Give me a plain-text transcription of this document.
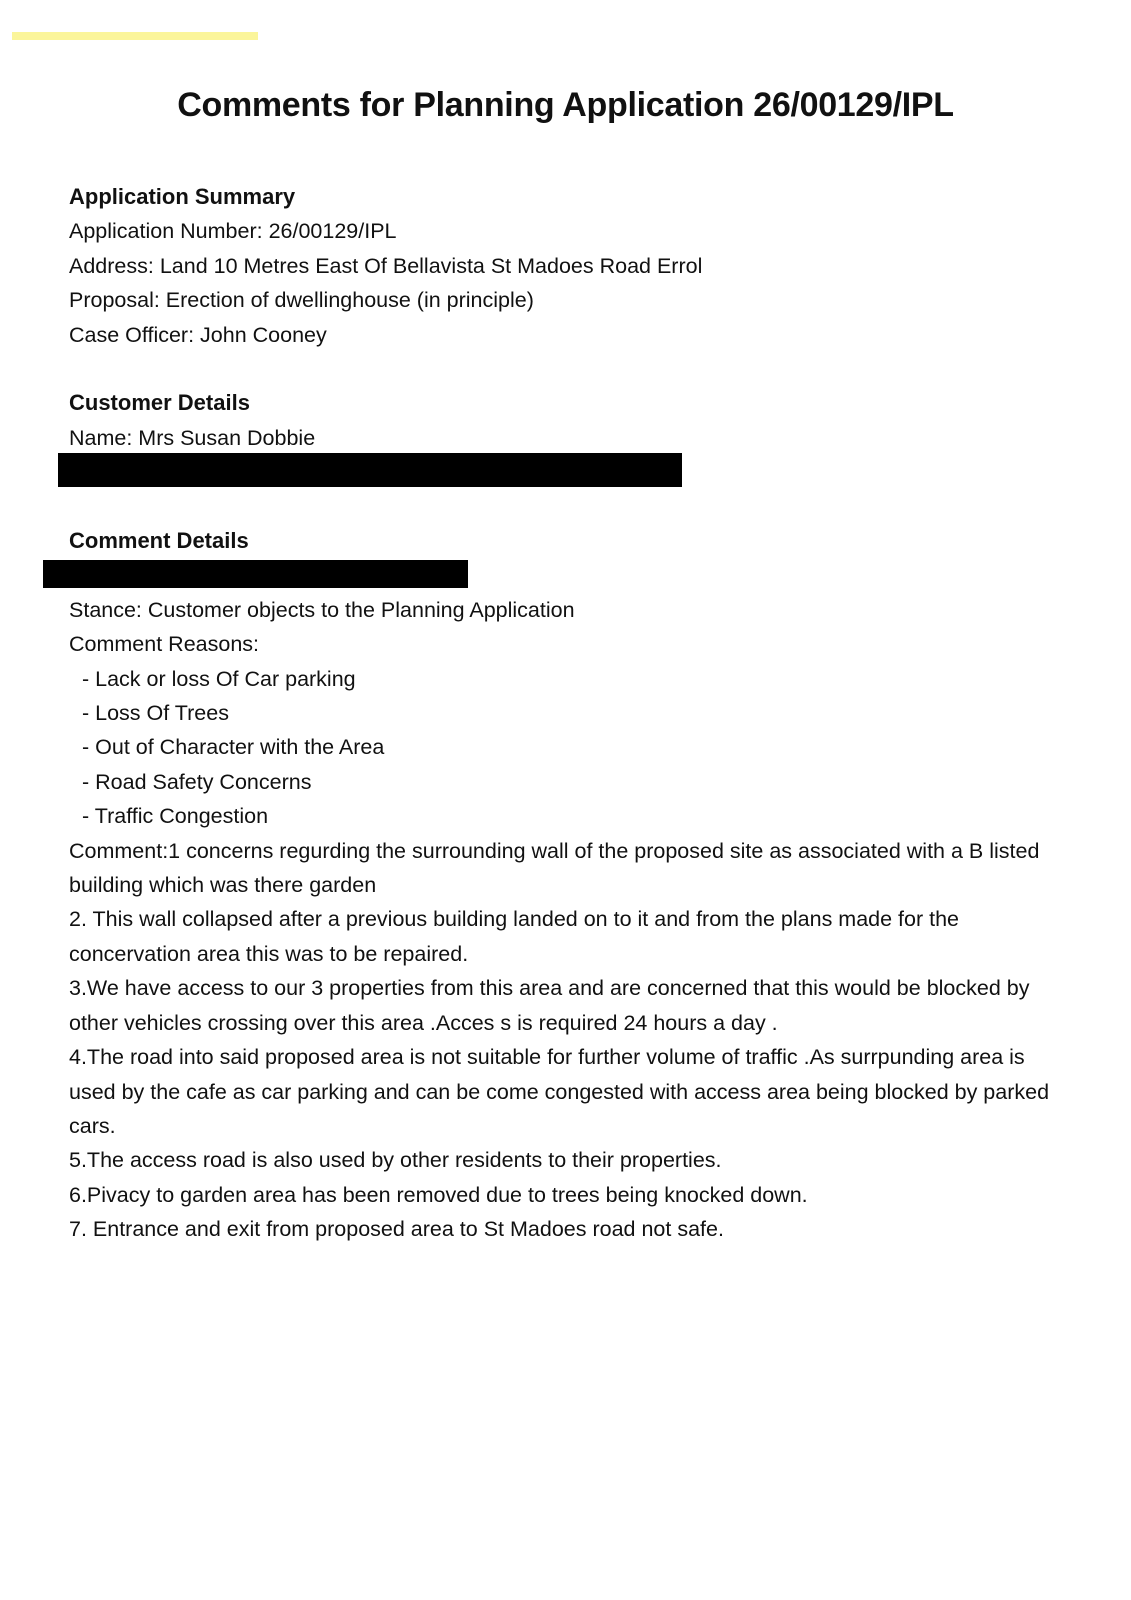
Comments for Planning Application 26/00129/IPL

Application Summary

Application Number: 26/00129/IPL

Address: Land 10 Metres East Of Bellavista St Madoes Road Errol

Proposal: Erection of dwellinghouse (in principle)

Case Officer: John Cooney

Customer Details

Name: Mrs Susan Dobbie

Comment Details

Stance: Customer objects to the Planning Application

Comment Reasons:

- Lack or loss Of Car parking

- Loss Of Trees

- Out of Character with the Area

- Road Safety Concerns

- Traffic Congestion

Comment:1 concerns regurding the surrounding wall of the proposed site as associated with a B listed building which was there garden

2. This wall collapsed after a previous building landed on to it and from the plans made for the concervation area this was to be repaired.

3.We have access to our 3 properties from this area and are concerned that this would be blocked by other vehicles crossing over this area .Acces s is required 24 hours a day .

4.The road into said proposed area is not suitable for further volume of traffic .As surrpunding area is used by the cafe as car parking and can be come congested with access area being blocked by parked cars.

5.The access road is also used by other residents to their properties.

6.Pivacy to garden area has been removed due to trees being knocked down.

7. Entrance and exit from proposed area to St Madoes road not safe.
